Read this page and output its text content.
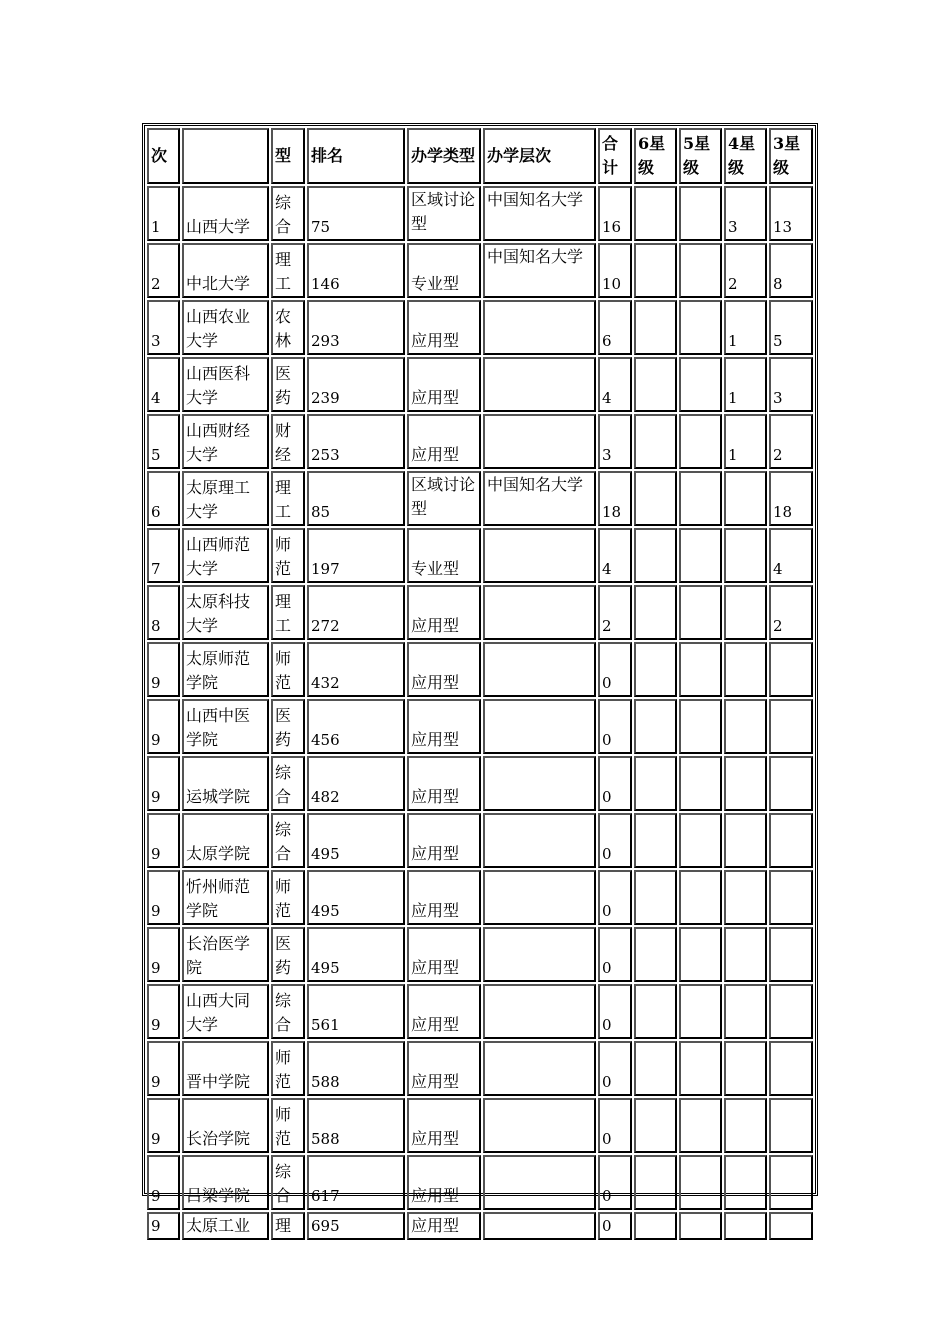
次		型	排名	办学类型	办学层次	合计	6星级	5星级	4星级	3星级
1	山西大学	综合	75	区域讨论型	中国知名大学	16			3	13
2	中北大学	理工	146	专业型	中国知名大学	10			2	8
3	山西农业大学	农林	293	应用型		6			1	5
4	山西医科大学	医药	239	应用型		4			1	3
5	山西财经大学	财经	253	应用型		3			1	2
6	太原理工大学	理工	85	区域讨论型	中国知名大学	18				18
7	山西师范大学	师范	197	专业型		4				4
8	太原科技大学	理工	272	应用型		2				2
9	太原师范学院	师范	432	应用型		0				
9	山西中医学院	医药	456	应用型		0				
9	运城学院	综合	482	应用型		0				
9	太原学院	综合	495	应用型		0				
9	忻州师范学院	师范	495	应用型		0				
9	长治医学院	医药	495	应用型		0				
9	山西大同大学	综合	561	应用型		0				
9	晋中学院	师范	588	应用型		0				
9	长治学院	师范	588	应用型		0				
9	吕梁学院	综合	617	应用型		0				
9	太原工业	理	695	应用型		0				
